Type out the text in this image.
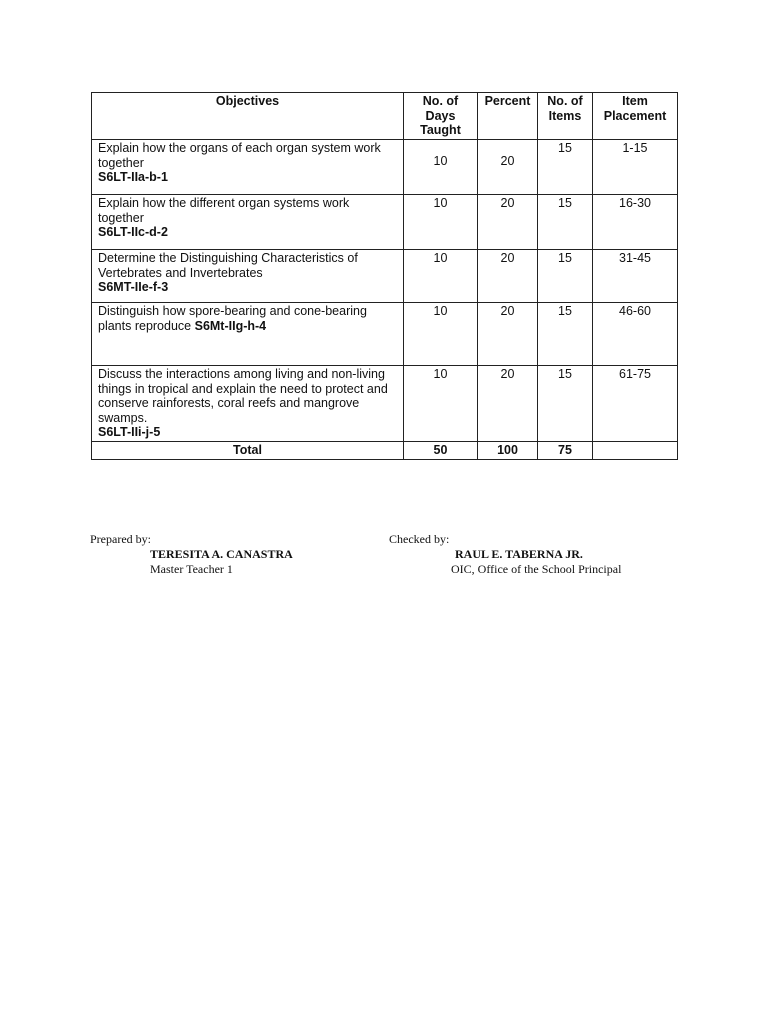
Objectives	No. of Days Taught	Percent	No. of Items	Item Placement
Explain how the organs of each organ system work together
S6LT-IIa-b-1	10	20	15	1-15
Explain how the different organ systems work together
S6LT-IIc-d-2	10	20	15	16-30
Determine the Distinguishing Characteristics of Vertebrates and Invertebrates
S6MT-IIe-f-3	10	20	15	31-45
Distinguish how spore-bearing and cone-bearing plants reproduce S6Mt-IIg-h-4	10	20	15	46-60
Discuss the interactions among living and non-living things in tropical and explain the need to protect and conserve rainforests, coral reefs and mangrove swamps.
S6LT-IIi-j-5	10	20	15	61-75
Total	50	100	75	
Prepared by:
TERESITA A. CANASTRA
Master Teacher 1
Checked by:
RAUL E. TABERNA JR.
OIC, Office of the School Principal
